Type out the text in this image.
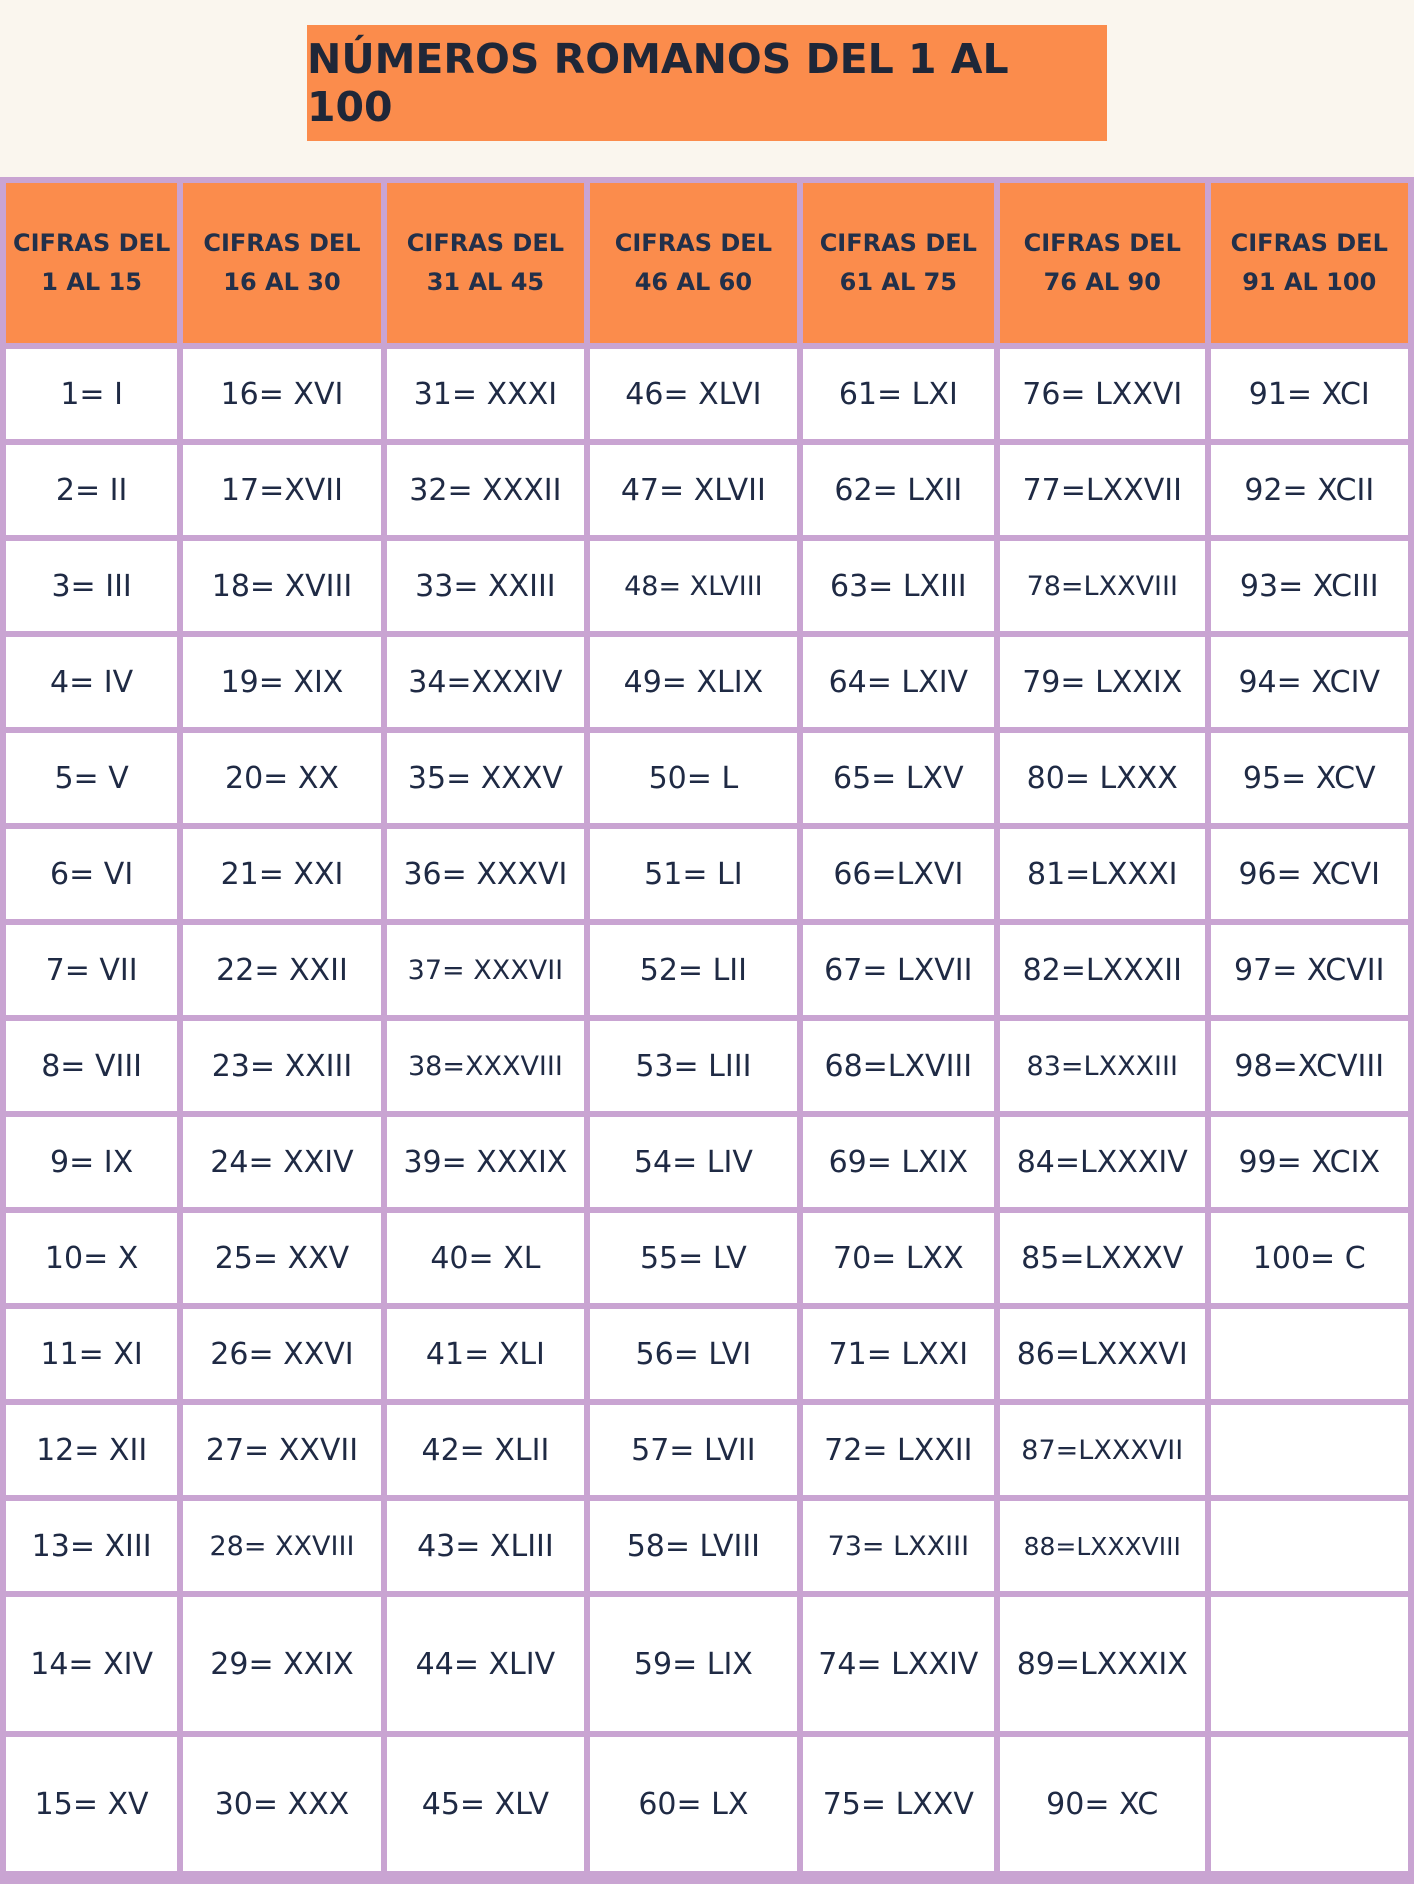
NÚMEROS ROMANOS DEL 1 AL 100
CIFRAS DEL 1 AL 15	CIFRAS DEL 16 AL 30	CIFRAS DEL 31 AL 45	CIFRAS DEL 46 AL 60	CIFRAS DEL 61 AL 75	CIFRAS DEL 76 AL 90	CIFRAS DEL 91 AL 100
1= I	16= XVI	31= XXXI	46= XLVI	61= LXI	76= LXXVI	91= XCI
2= II	17=XVII	32= XXXII	47= XLVII	62= LXII	77=LXXVII	92= XCII
3= III	18= XVIII	33= XXIII	48= XLVIII	63= LXIII	78=LXXVIII	93= XCIII
4= IV	19= XIX	34=XXXIV	49= XLIX	64= LXIV	79= LXXIX	94= XCIV
5= V	20= XX	35= XXXV	50= L	65= LXV	80= LXXX	95= XCV
6= VI	21= XXI	36= XXXVI	51= LI	66=LXVI	81=LXXXI	96= XCVI
7= VII	22= XXII	37= XXXVII	52= LII	67= LXVII	82=LXXXII	97= XCVII
8= VIII	23= XXIII	38=XXXVIII	53= LIII	68=LXVIII	83=LXXXIII	98=XCVIII
9= IX	24= XXIV	39= XXXIX	54= LIV	69= LXIX	84=LXXXIV	99= XCIX
10= X	25= XXV	40= XL	55= LV	70= LXX	85=LXXXV	100= C
11= XI	26= XXVI	41= XLI	56= LVI	71= LXXI	86=LXXXVI	
12= XII	27= XXVII	42= XLII	57= LVII	72= LXXII	87=LXXXVII	
13= XIII	28= XXVIII	43= XLIII	58= LVIII	73= LXXIII	88=LXXXVIII	
14= XIV	29= XXIX	44= XLIV	59= LIX	74= LXXIV	89=LXXXIX	
15= XV	30= XXX	45= XLV	60= LX	75= LXXV	90= XC	
